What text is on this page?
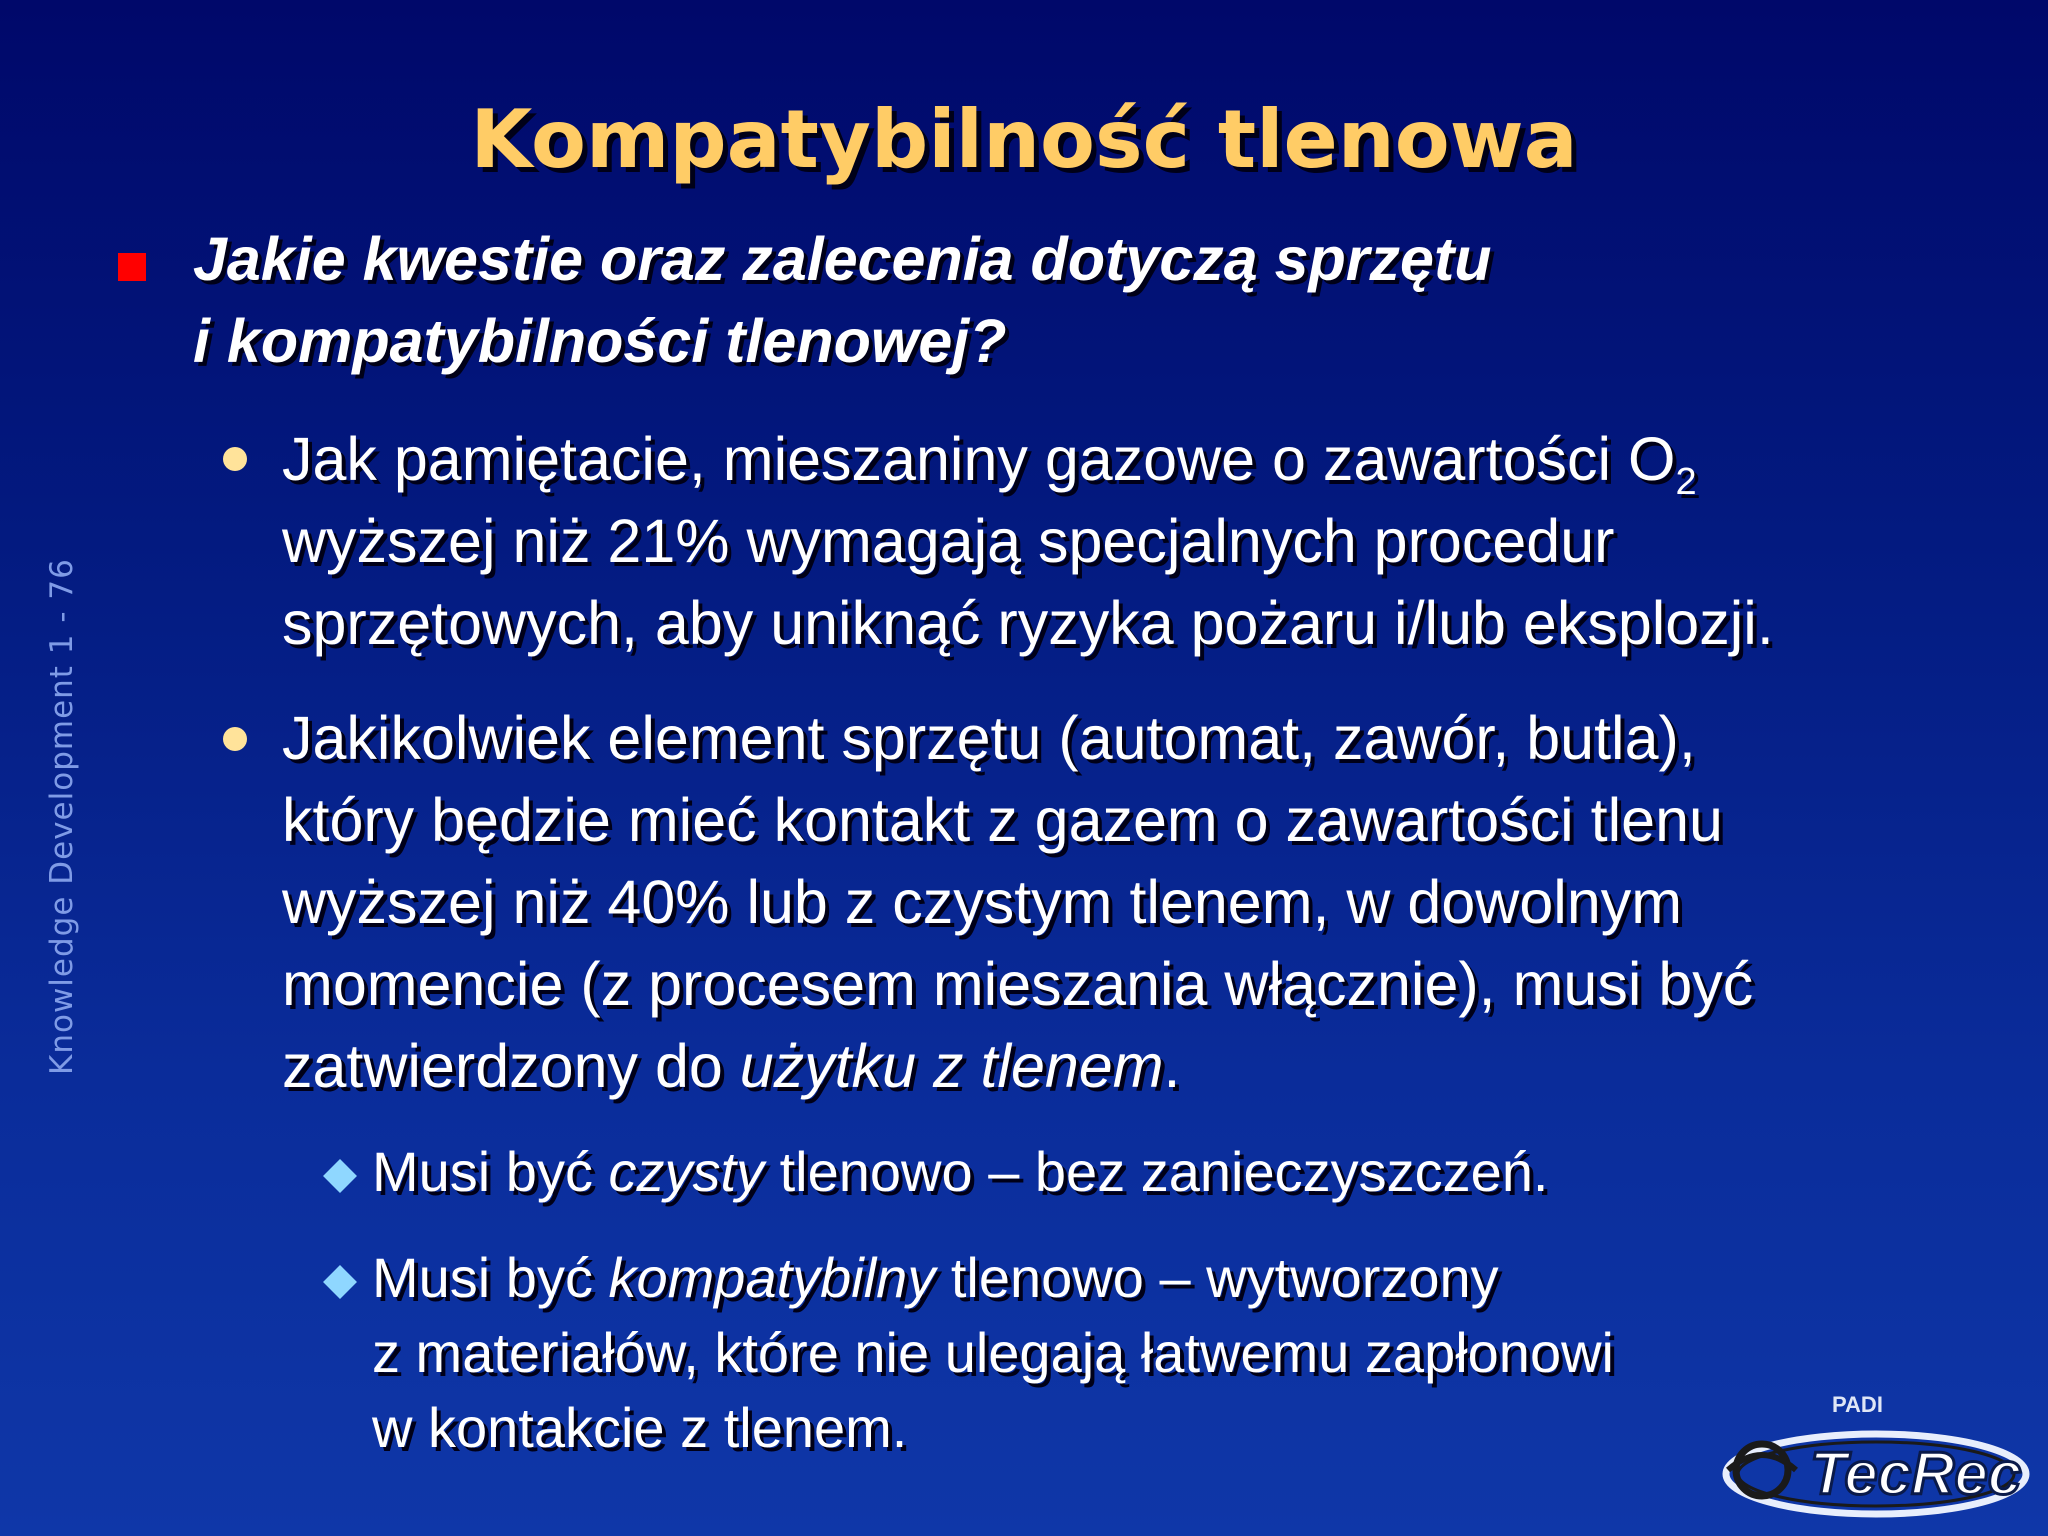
Kompatybilność tlenowa
Knowledge Development 1 - 76

Jakie kwestie oraz zalecenia dotyczą sprzętu
i kompatybilności tlenowej?

Jak pamiętacie, mieszaniny gazowe o zawartości $O_2$
wyższej niż 21% wymagają specjalnych procedur
sprzętowych, aby uniknąć ryzyka pożaru i/lub eksplozji.

Jakikolwiek element sprzętu (automat, zawór, butla),
który będzie mieć kontakt z gazem o zawartości tlenu
wyższej niż 40% lub z czystym tlenem, w dowolnym
momencie (z procesem mieszania włącznie), musi być
zatwierdzony do użytku z tlenem.

Musi być czysty tlenowo – bez zanieczyszczeń.

Musi być kompatybilny tlenowo – wytworzony
z materiałów, które nie ulegają łatwemu zapłonowi
w kontakcie z tlenem.	PADI
TecRec
